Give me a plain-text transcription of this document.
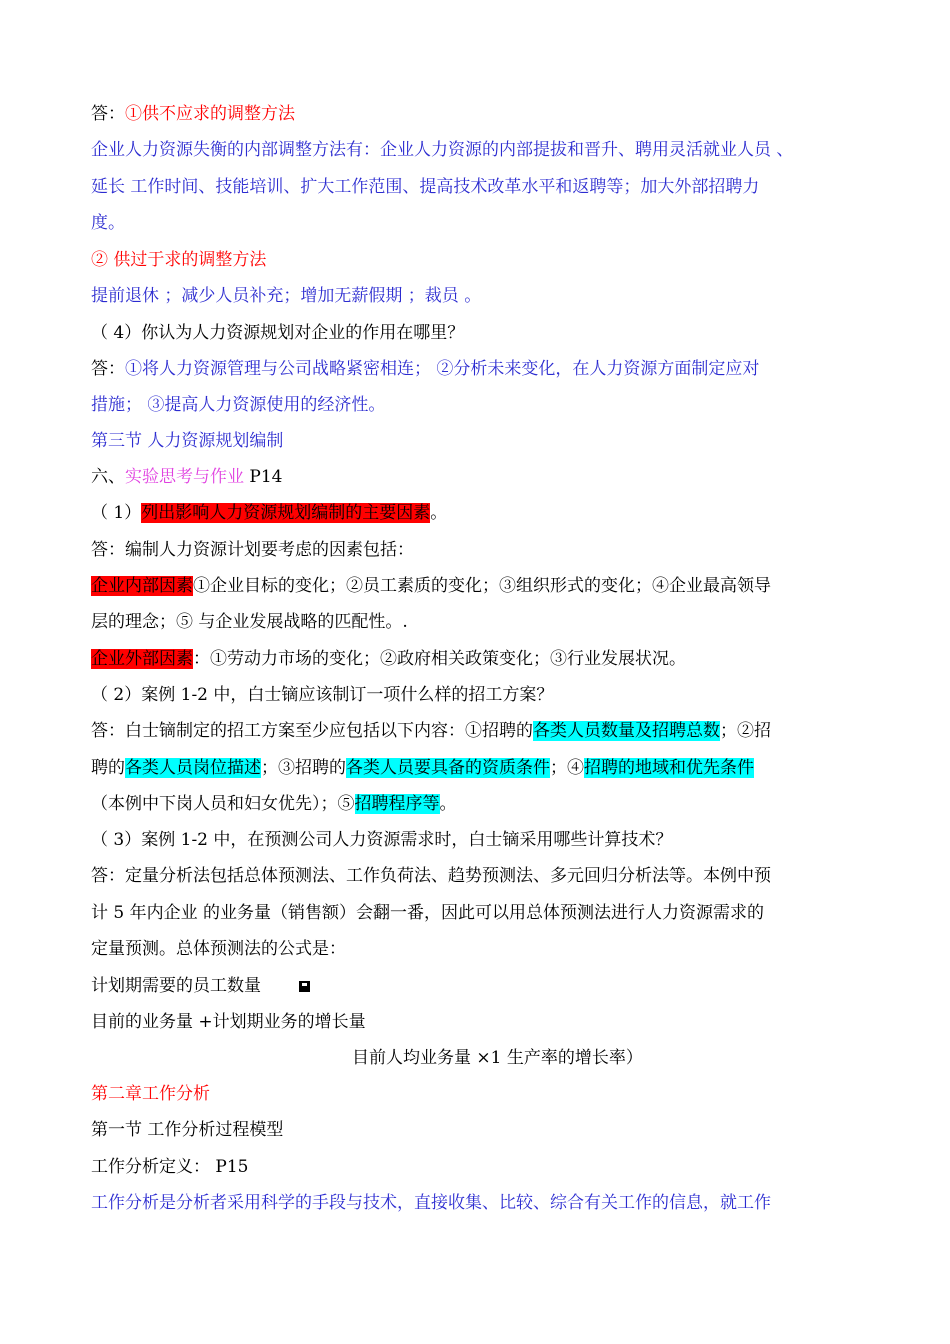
答：①供不应求的调整方法
企业人力资源失衡的内部调整方法有：企业人力资源的内部提拔和晋升、聘用灵活就业人员 、
延长 工作时间、技能培训、扩大工作范围、提高技术改革水平和返聘等；加大外部招聘力
度。
② 供过于求的调整方法
提前退休 ；减少人员补充；增加无薪假期 ；裁员 。
（ 4）你认为人力资源规划对企业的作用在哪里？
答：①将人力资源管理与公司战略紧密相连； ②分析未来变化，在人力资源方面制定应对
措施； ③提高人力资源使用的经济性。
第三节 人力资源规划编制
六、实验思考与作业 P14
（ 1）列出影响人力资源规划编制的主要因素。
答：编制人力资源计划要考虑的因素包括：
企业内部因素①企业目标的变化；②员工素质的变化；③组织形式的变化；④企业最高领导
层的理念；⑤ 与企业发展战略的匹配性。.
企业外部因素：①劳动力市场的变化；②政府相关政策变化；③行业发展状况。
（ 2）案例 1-2 中，白士镝应该制订一项什么样的招工方案？
答：白士镝制定的招工方案至少应包括以下内容：①招聘的各类人员数量及招聘总数；②招
聘的各类人员岗位描述；③招聘的各类人员要具备的资质条件；④招聘的地域和优先条件
（本例中下岗人员和妇女优先）；⑤招聘程序等。
（ 3）案例 1-2 中，在预测公司人力资源需求时，白士镝采用哪些计算技术？
答：定量分析法包括总体预测法、工作负荷法、趋势预测法、多元回归分析法等。本例中预
计 5 年内企业 的业务量（销售额）会翻一番，因此可以用总体预测法进行人力资源需求的
定量预测。总体预测法的公式是：
计划期需要的员工数量
目前的业务量 +计划期业务的增长量
目前人均业务量 ×1 生产率的增长率）
第二章工作分析
第一节 工作分析过程模型
工作分析定义： P15
工作分析是分析者采用科学的手段与技术，直接收集、比较、综合有关工作的信息，就工作
